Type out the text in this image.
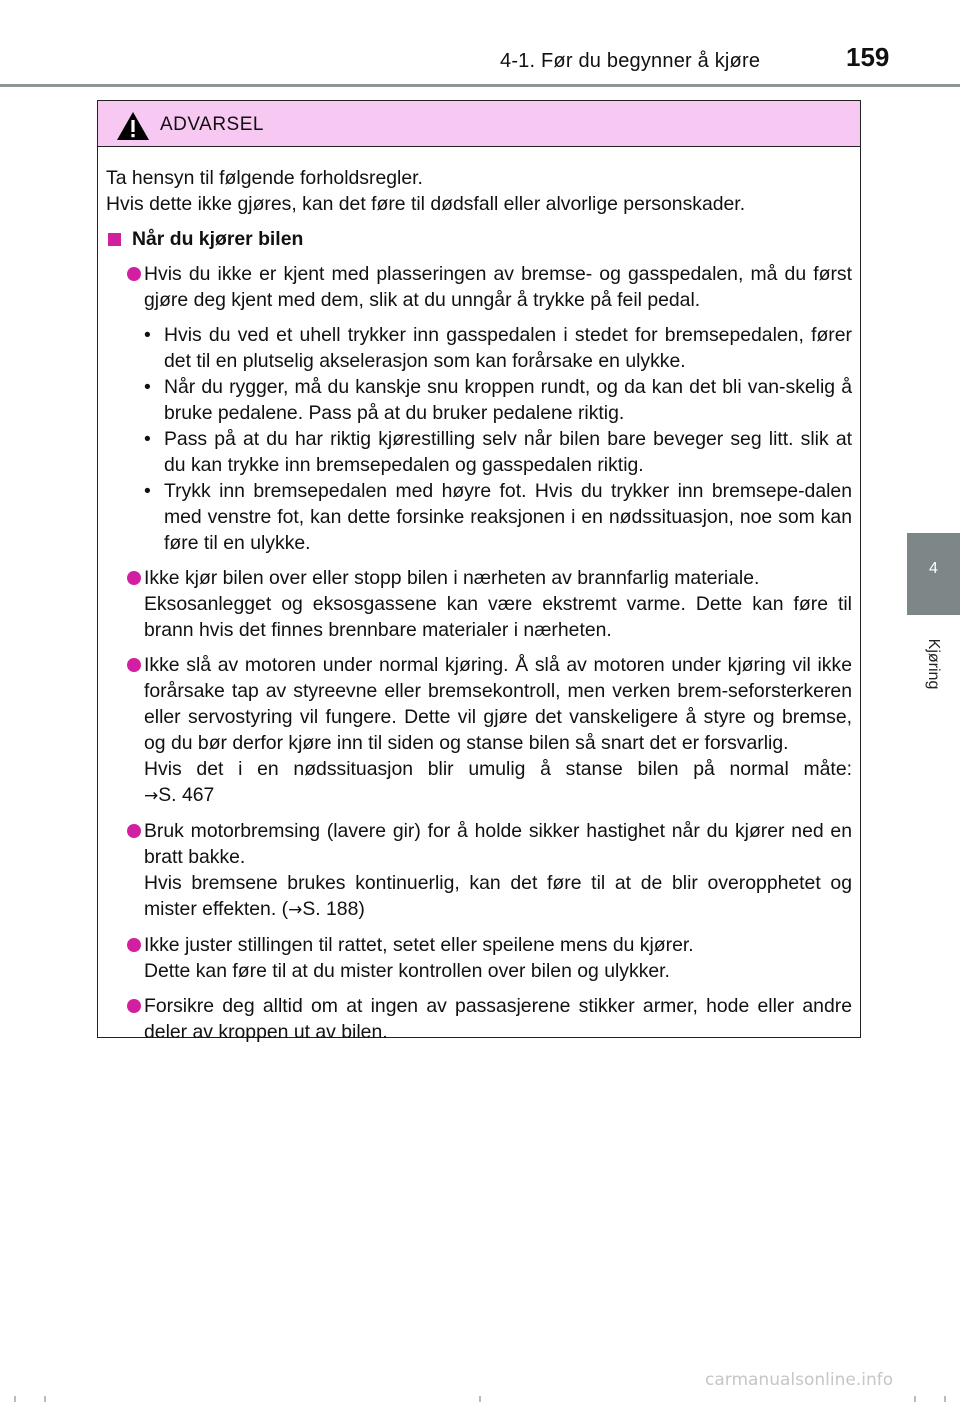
4-1. Før du begynner å kjøre	159
4
Kjøring
ADVARSEL

Ta hensyn til følgende forholdsregler.

Hvis dette ikke gjøres, kan det føre til dødsfall eller alvorlige personskader.

Når du kjører bilen
Hvis du ikke er kjent med plasseringen av bremse- og gasspedalen, må du først gjøre deg kjent med dem, slik at du unngår å trykke på feil pedal.
• Hvis du ved et uhell trykker inn gasspedalen i stedet for bremsepedalen, fører det til en plutselig akselerasjon som kan forårsake en ulykke.
• Når du rygger, må du kanskje snu kroppen rundt, og da kan det bli van-skelig å bruke pedalene. Pass på at du bruker pedalene riktig.
• Pass på at du har riktig kjørestilling selv når bilen bare beveger seg litt. slik at du kan trykke inn bremsepedalen og gasspedalen riktig.
• Trykk inn bremsepedalen med høyre fot. Hvis du trykker inn bremsepe-dalen med venstre fot, kan dette forsinke reaksjonen i en nødssituasjon, noe som kan føre til en ulykke.
Ikke kjør bilen over eller stopp bilen i nærheten av brannfarlig materiale.
Eksosanlegget og eksosgassene kan være ekstremt varme. Dette kan føre til brann hvis det finnes brennbare materialer i nærheten.
Ikke slå av motoren under normal kjøring. Å slå av motoren under kjøring vil ikke forårsake tap av styreevne eller bremsekontroll, men verken brem-seforsterkeren eller servostyring vil fungere. Dette vil gjøre det vanskeligere å styre og bremse, og du bør derfor kjøre inn til siden og stanse bilen så snart det er forsvarlig.
Hvis det i en nødssituasjon blir umulig å stanse bilen på normal måte:
→S. 467
Bruk motorbremsing (lavere gir) for å holde sikker hastighet når du kjører ned en bratt bakke.
Hvis bremsene brukes kontinuerlig, kan det føre til at de blir overopphetet og mister effekten. (→S. 188)
Ikke juster stillingen til rattet, setet eller speilene mens du kjører.
Dette kan føre til at du mister kontrollen over bilen og ulykker.
Forsikre deg alltid om at ingen av passasjerene stikker armer, hode eller andre deler av kroppen ut av bilen.
carmanualsonline.info
